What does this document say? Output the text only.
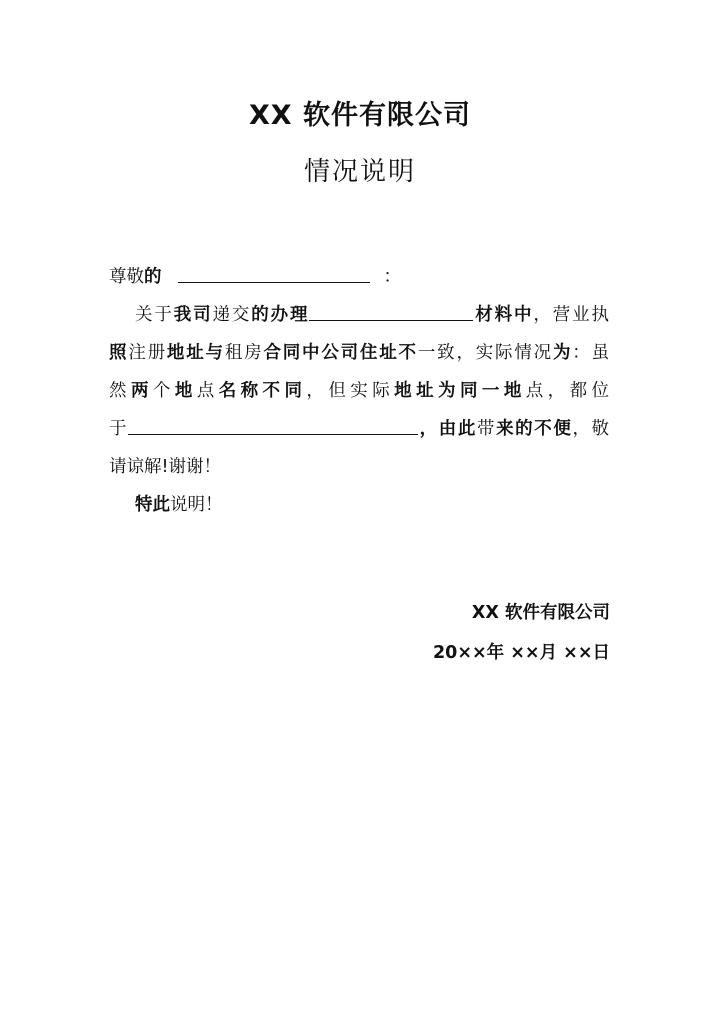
XX 软件有限公司
情况说明
尊敬的	：
关于我司递交的办理	材料中，营业执
照注册地址与租房合同中公司住址不一致，实际情况为：虽
然两个地点名称不同，但实际地址为同一地点，都位
于	，由此带来的不便，敬
请谅解!谢谢！
特此说明！
XX 软件有限公司
20××年 ××月 ××日
